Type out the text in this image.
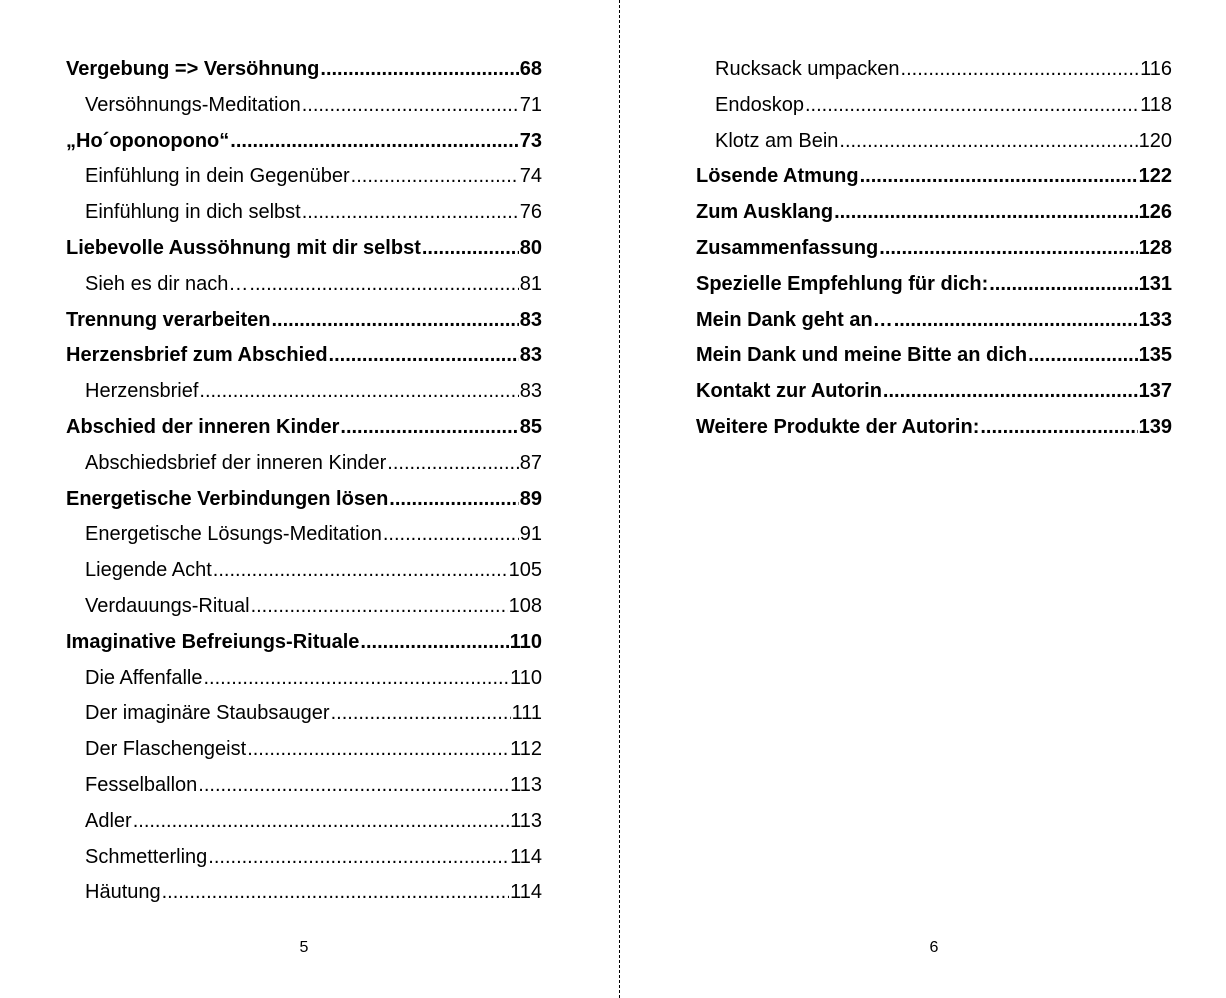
Vergebung => Versöhnung .....	68
Versöhnungs-Meditation .....	71
„Ho´oponopono“ .....	73
Einfühlung in dein Gegenüber .....	74
Einfühlung in dich selbst .....	76
Liebevolle Aussöhnung mit dir selbst .....	80
Sieh es dir nach… .....	81
Trennung verarbeiten .....	83
Herzensbrief zum Abschied .....	83
Herzensbrief .....	83
Abschied der inneren Kinder .....	85
Abschiedsbrief der inneren Kinder .....	87
Energetische Verbindungen lösen .....	89
Energetische Lösungs-Meditation .....	91
Liegende Acht .....	105
Verdauungs-Ritual .....	108
Imaginative Befreiungs-Rituale .....	110
Die Affenfalle .....	110
Der imaginäre Staubsauger .....	111
Der Flaschengeist .....	112
Fesselballon .....	113
Adler .....	113
Schmetterling .....	114
Häutung .....	114
5
Rucksack umpacken .....	116
Endoskop .....	118
Klotz am Bein .....	120
Lösende Atmung .....	122
Zum Ausklang .....	126
Zusammenfassung .....	128
Spezielle Empfehlung für dich: .....	131
Mein Dank geht an… .....	133
Mein Dank und meine Bitte an dich .....	135
Kontakt zur Autorin .....	137
Weitere Produkte der Autorin: .....	139
6
